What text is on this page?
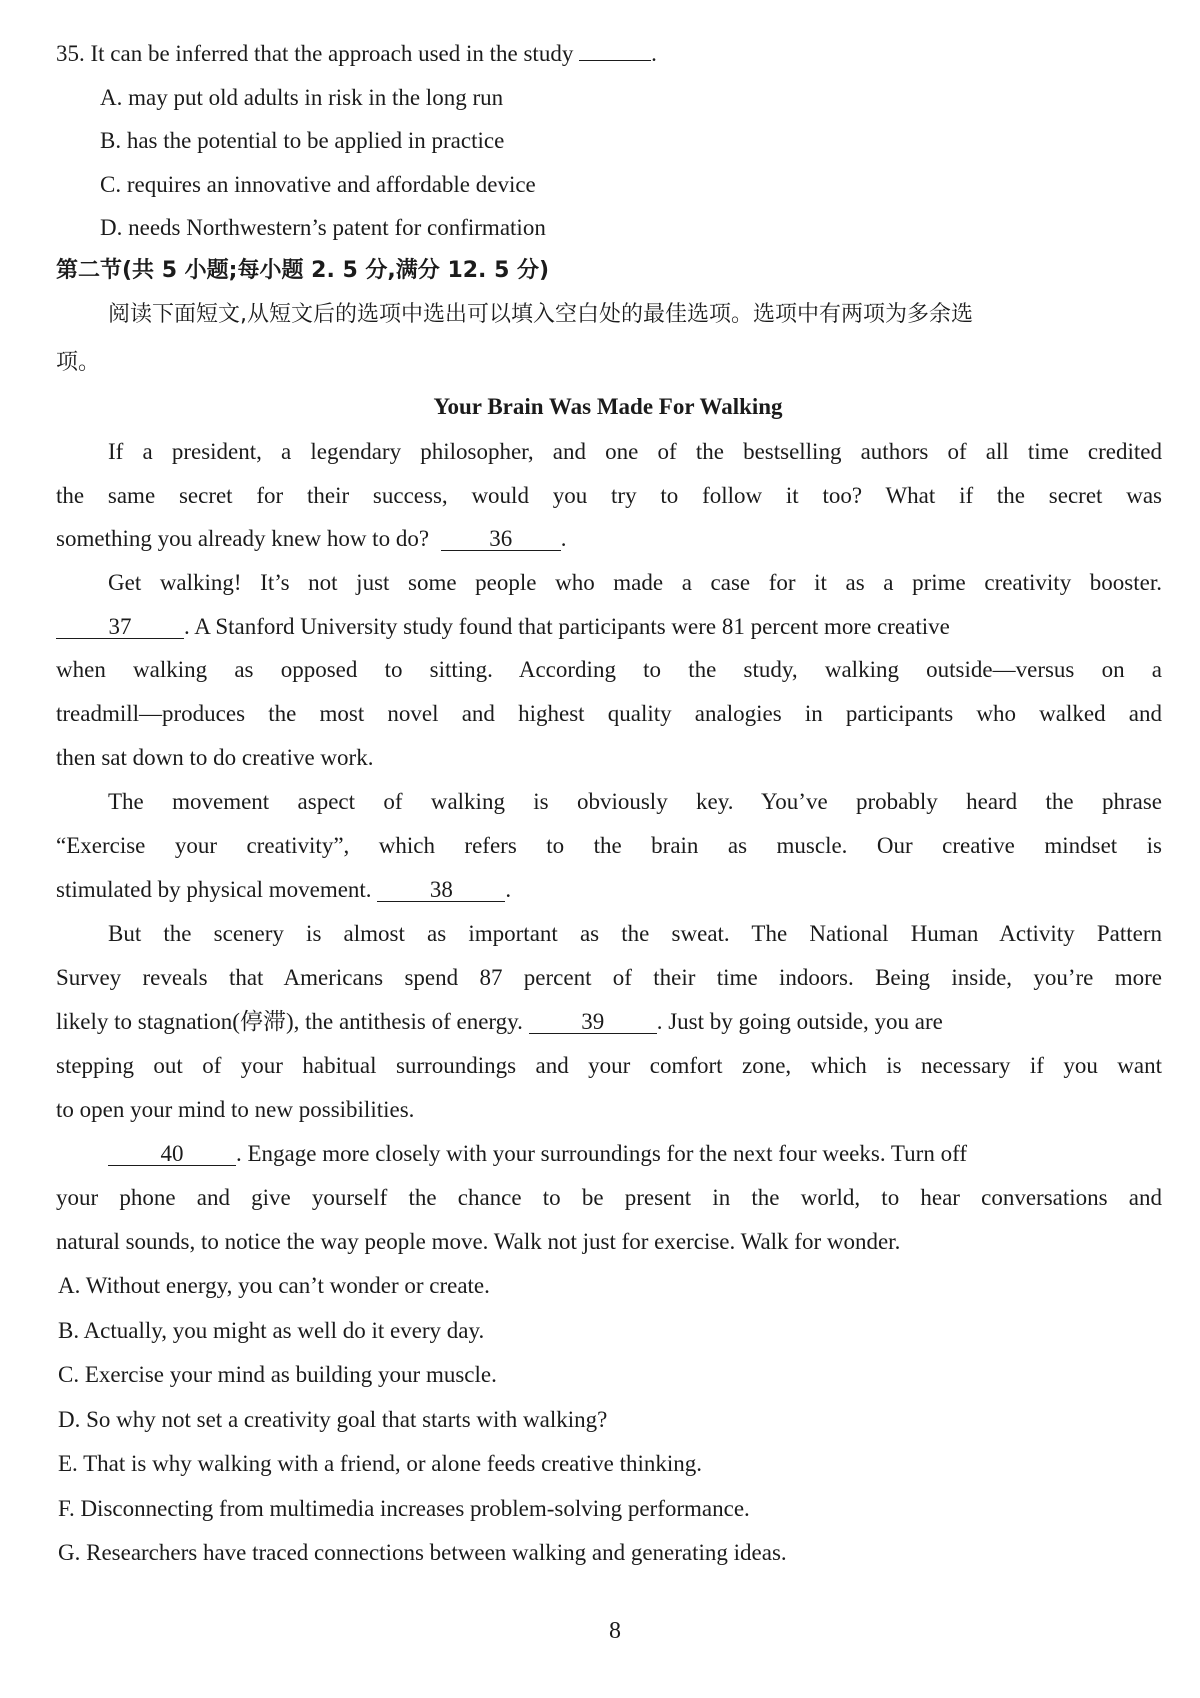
35. It can be inferred that the approach used in the study	.
A. may put old adults in risk in the long run
B. has the potential to be applied in practice
C. requires an innovative and affordable device
D. needs Northwestern’s patent for confirmation
第二节(共 5 小题;每小题 2. 5 分,满分 12. 5 分)
阅读下面短文,从短文后的选项中选出可以填入空白处的最佳选项。选项中有两项为多余选
项。
Your Brain Was Made For Walking
If a president, a legendary philosopher, and one of the bestselling authors of all time credited
the same secret for their success, would you try to follow it too? What if the secret was
something you already knew how to do?	36 .
Get walking! It’s not just some people who made a case for it as a prime creativity booster.
37 . A Stanford University study found that participants were 81 percent more creative
when walking as opposed to sitting. According to the study, walking outside—versus on a
treadmill—produces the most novel and highest quality analogies in participants who walked and
then sat down to do creative work.
The movement aspect of walking is obviously key. You’ve probably heard the phrase
“Exercise your creativity”, which refers to the brain as muscle. Our creative mindset is
stimulated by physical movement.	38 .
But the scenery is almost as important as the sweat. The National Human Activity Pattern
Survey reveals that Americans spend 87 percent of their time indoors. Being inside, you’re more
likely to stagnation(停滞), the antithesis of energy.	39 . Just by going outside, you are
stepping out of your habitual surroundings and your comfort zone, which is necessary if you want
to open your mind to new possibilities.
40 . Engage more closely with your surroundings for the next four weeks. Turn off
your phone and give yourself the chance to be present in the world, to hear conversations and
natural sounds, to notice the way people move. Walk not just for exercise. Walk for wonder.
A. Without energy, you can’t wonder or create.
B. Actually, you might as well do it every day.
C. Exercise your mind as building your muscle.
D. So why not set a creativity goal that starts with walking?
E. That is why walking with a friend, or alone feeds creative thinking.
F. Disconnecting from multimedia increases problem-solving performance.
G. Researchers have traced connections between walking and generating ideas.
8
